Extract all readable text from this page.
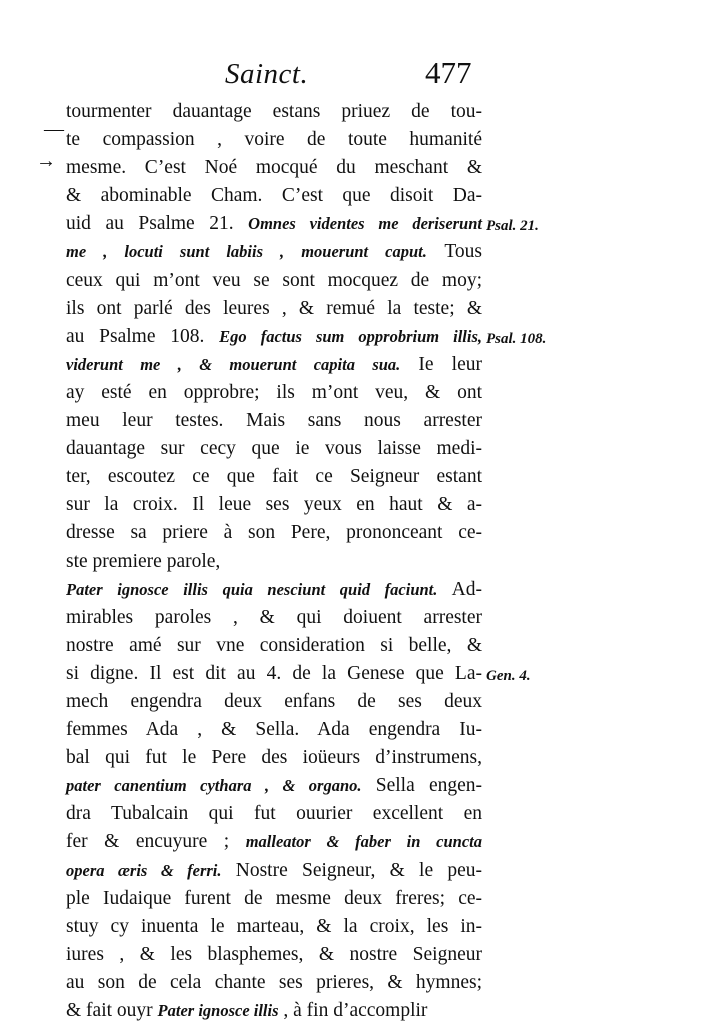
Sainct.	477
—
→
tourmenter dauantage estans priuez de tou-
te compassion , voire de toute humanité
mesme. C’est Noé mocqué du meschant &
& abominable Cham. C’est que disoit Da-
uid au Psalme 21. Omnes videntes me deriserunt
me , locuti sunt labiis , mouerunt caput. Tous
ceux qui m’ont veu se sont mocquez de moy;
ils ont parlé des leures , & remué la teste; &
au Psalme 108. Ego factus sum opprobrium illis,
viderunt me , & mouerunt capita sua. Ie leur
ay esté en opprobre; ils m’ont veu, & ont
meu leur testes. Mais sans nous arrester
dauantage sur cecy que ie vous laisse medi-
ter, escoutez ce que fait ce Seigneur estant
sur la croix. Il leue ses yeux en haut & a-
dresse sa priere à son Pere, prononceant ce-
ste premiere parole,
Pater ignosce illis quia nesciunt quid faciunt. Ad-
mirables paroles , & qui doiuent arrester
nostre amé sur vne consideration si belle, &
si digne. Il est dit au 4. de la Genese que La-
mech engendra deux enfans de ses deux
femmes Ada , & Sella. Ada engendra Iu-
bal qui fut le Pere des ioüeurs d’instrumens,
pater canentium cythara , & organo. Sella engen-
dra Tubalcain qui fut ouurier excellent en
fer & encuyure ; malleator & faber in cuncta
opera æris & ferri. Nostre Seigneur, & le peu-
ple Iudaique furent de mesme deux freres; ce-
stuy cy inuenta le marteau, & la croix, les in-
iures , & les blasphemes, & nostre Seigneur
au son de cela chante ses prieres, & hymnes;
& fait ouyr Pater ignosce illis , à fin d’accomplir
Psal. 21.
Psal. 108.
Gen. 4.
